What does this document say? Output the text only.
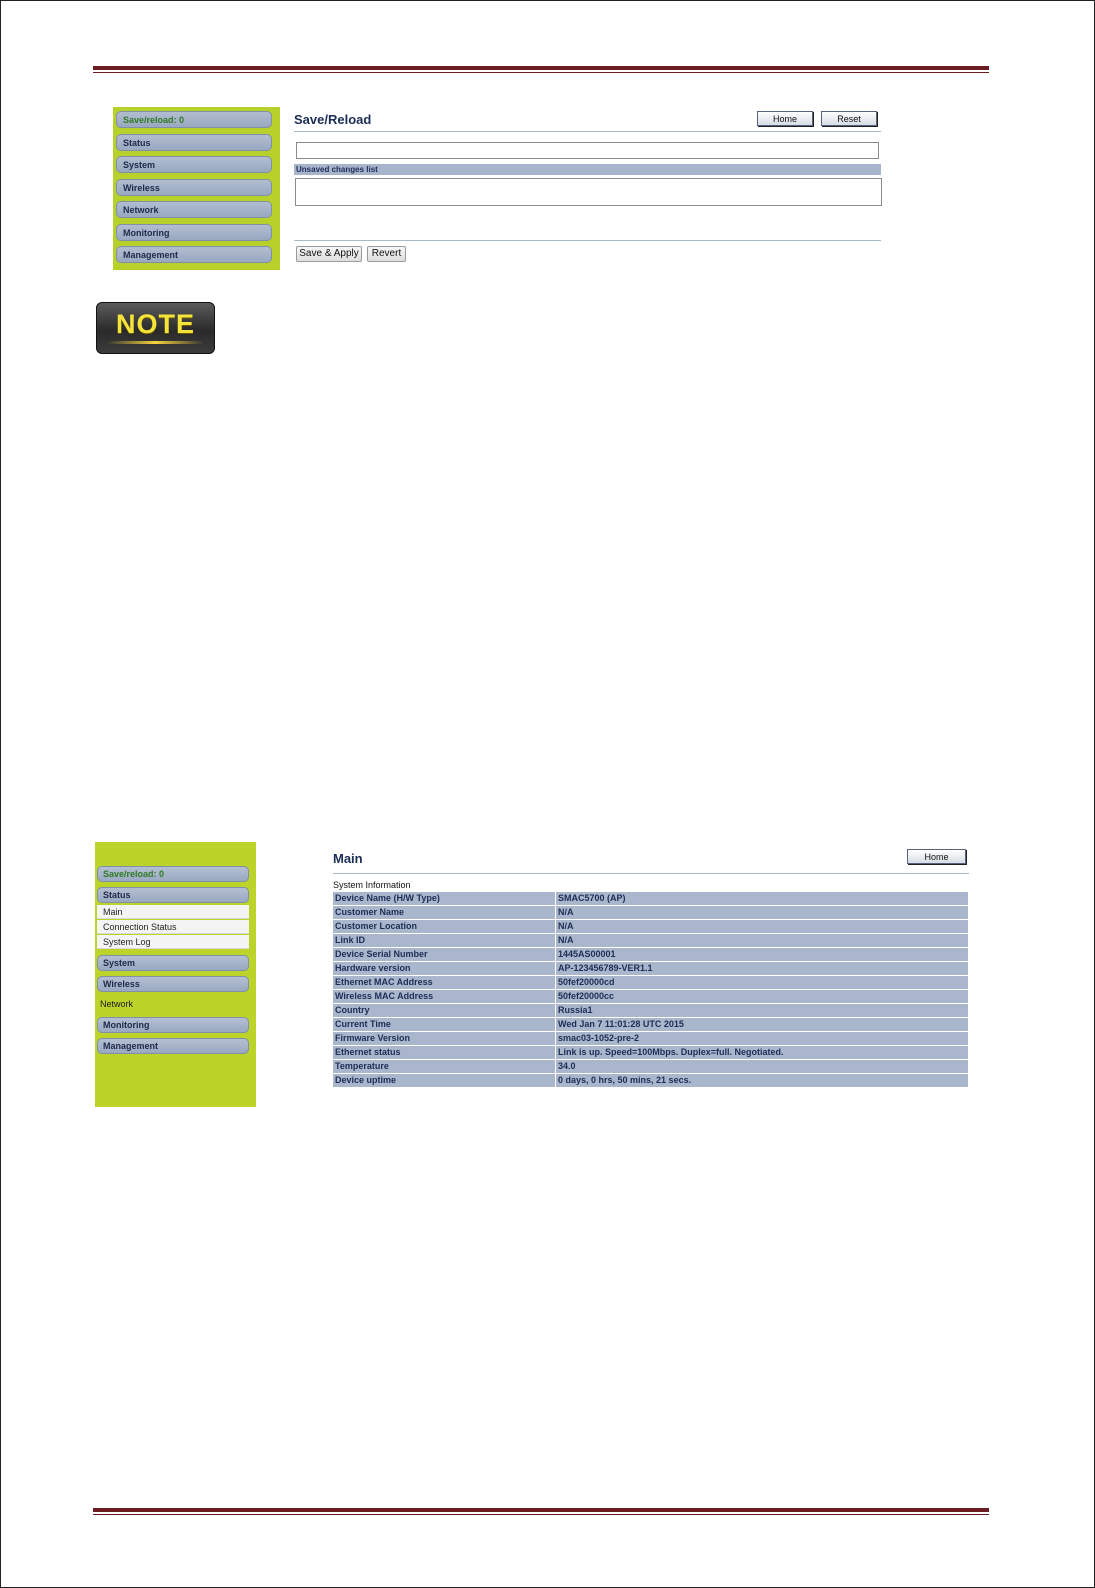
Save/reload: 0
Status
System
Wireless
Network
Monitoring
Management
Save/Reload	Home	Reset
Unsaved changes list
Save & Apply	Revert
NOTE
Save/reload: 0
Status
Main
Connection Status
System Log
System
Wireless
Network
Monitoring
Management
Main	Home
System Information
Device Name (H/W Type)	SMAC5700 (AP)
Customer Name	N/A
Customer Location	N/A
Link ID	N/A
Device Serial Number	1445AS00001
Hardware version	AP-123456789-VER1.1
Ethernet MAC Address	50fef20000cd
Wireless MAC Address	50fef20000cc
Country	Russia1
Current Time	Wed Jan 7 11:01:28 UTC 2015
Firmware Version	smac03-1052-pre-2
Ethernet status	Link is up. Speed=100Mbps. Duplex=full. Negotiated.
Temperature	34.0
Device uptime	0 days, 0 hrs, 50 mins, 21 secs.
